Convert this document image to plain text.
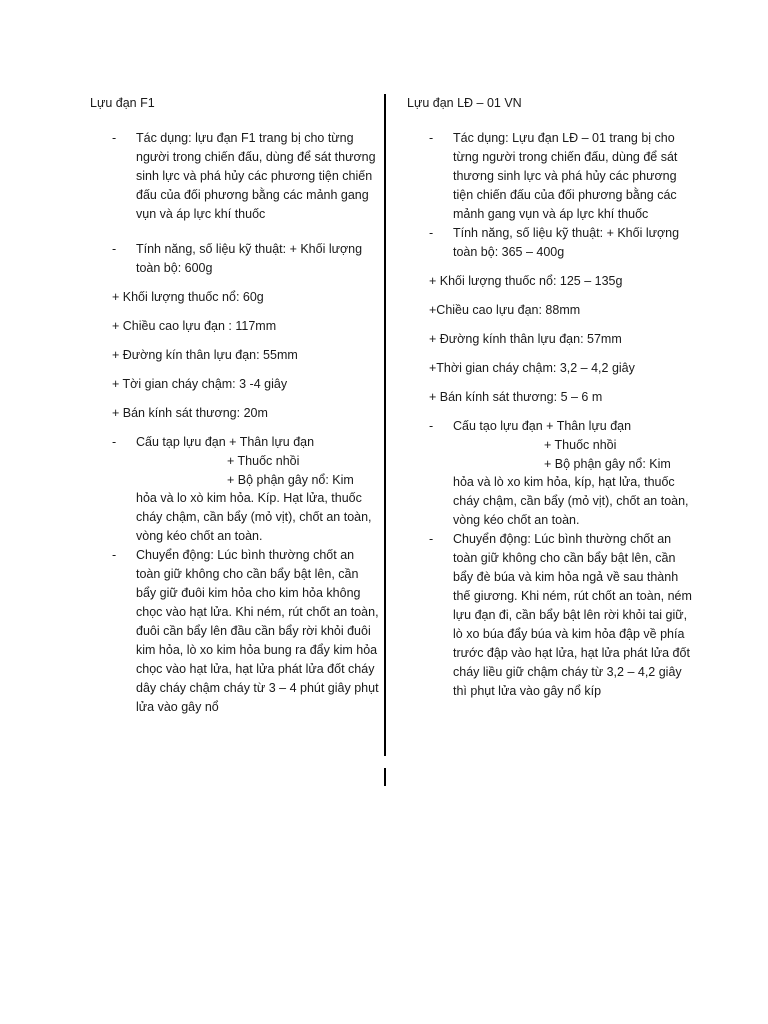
Lựu đạn F1
- Tác dụng: lựu đạn F1 trang bị cho từng người trong chiến đấu, dùng để sát thương sinh lực và phá hủy các phương tiện chiến đấu của đối phương bằng các mảnh gang vụn và áp lực khí thuốc
- Tính năng, số liệu kỹ thuật: + Khối lượng toàn bộ: 600g
+ Khối lượng thuốc nổ: 60g
+ Chiều cao lựu đạn : 117mm
+ Đường kín thân lựu đạn: 55mm
+ Tời gian cháy chậm: 3 -4 giây
+ Bán kính sát thương: 20m
- Cấu tạp lựu đạn + Thân lựu đạn
+ Thuốc nhồi
+ Bộ phận gây nổ: Kim
hỏa và lo xò kim hỏa. Kíp. Hạt lửa, thuốc cháy chậm, cần bẩy (mỏ vịt), chốt an toàn, vòng kéo chốt an toàn.
- Chuyển động: Lúc bình thường chốt an toàn giữ không cho cần bẩy bật lên, cần bẩy giữ đuôi kim hỏa cho kim hỏa không chọc vào hạt lửa. Khi ném, rút chốt an toàn, đuôi cần bẩy lên đầu cần bẩy rời khỏi đuôi kim hỏa, lò xo kim hỏa bung ra đẩy kim hỏa chọc vào hạt lửa, hạt lửa phát lửa đốt cháy dây cháy chậm cháy từ 3 – 4 phút giây phụt lửa vào gây nổ
Lựu đạn LĐ – 01 VN
- Tác dụng: Lựu đạn LĐ – 01 trang bị cho từng người trong chiến đấu, dùng để sát thương sinh lực và phá hủy các phương tiện chiến đấu của đối phương bằng các mảnh gang vụn và áp lực khí thuốc
- Tính năng, số liệu kỹ thuật: + Khối lượng toàn bộ: 365 – 400g
+ Khối lượng thuốc nổ: 125 – 135g
+Chiều cao lựu đạn: 88mm
+ Đường kính thân lựu đạn: 57mm
+Thời gian cháy chậm: 3,2 – 4,2 giây
+ Bán kính sát thương: 5 – 6 m
- Cấu tạo lựu đạn + Thân lựu đạn
+ Thuốc nhồi
+ Bộ phận gây nổ: Kim
hỏa và lò xo kim hỏa, kíp, hạt lửa, thuốc cháy chậm, cần bẩy (mỏ vịt), chốt an toàn, vòng kéo chốt an toàn.
- Chuyển động: Lúc bình thường chốt an toàn giữ không cho cần bẩy bật lên, cần bẩy đè búa và kim hỏa ngả về sau thành thế giương. Khi ném, rút chốt an toàn, ném lựu đạn đi, cần bẩy bật lên rời khỏi tai giữ, lò xo búa đẩy búa và kim hỏa đập về phía trước đập vào hạt lửa, hạt lửa phát lửa đốt cháy liều giữ chậm cháy từ 3,2 – 4,2 giây thì phụt lửa vào gây nổ kíp
